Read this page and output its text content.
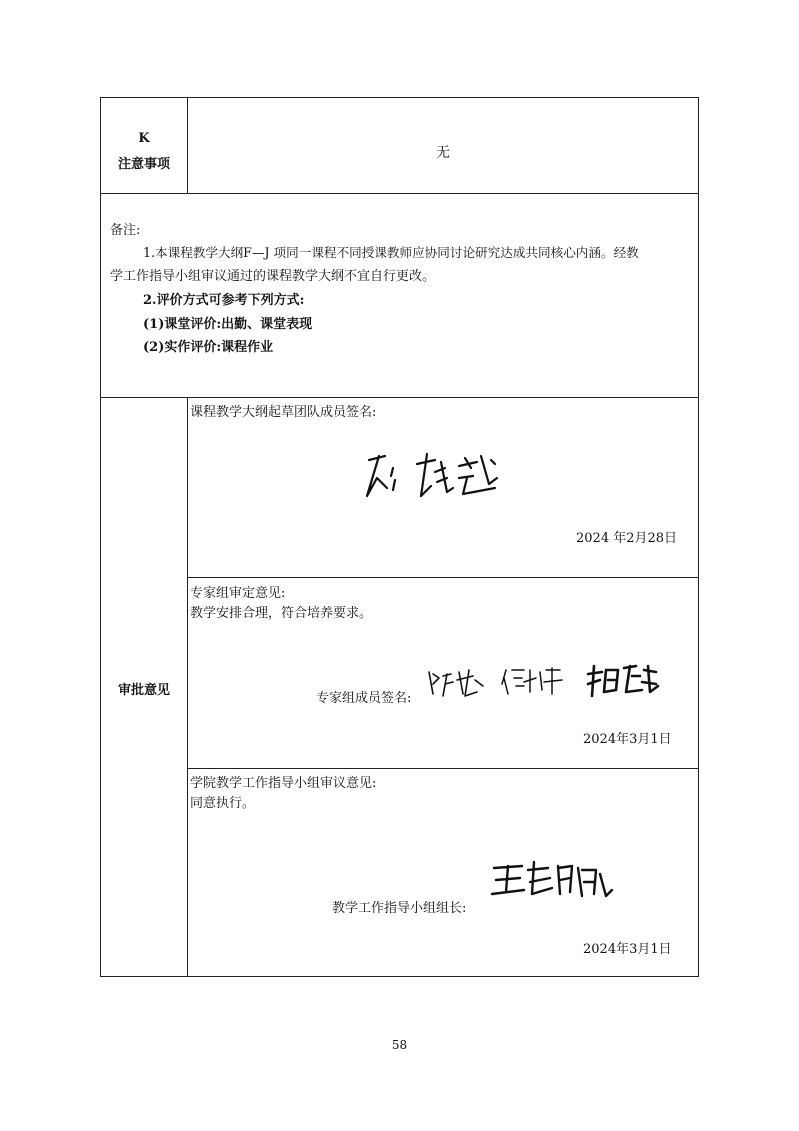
K
注意事项
无
备注:
1.本课程教学大纲F—J 项同一课程不同授课教师应协同讨论研究达成共同核心内涵。经教
学工作指导小组审议通过的课程教学大纲不宜自行更改。
2.评价方式可参考下列方式:
(1)课堂评价:出勤、课堂表现
(2)实作评价:课程作业
审批意见
课程教学大纲起草团队成员签名:
2024 年2月28日
专家组审定意见:
教学安排合理，符合培养要求。
专家组成员签名:
2024年3月1日
学院教学工作指导小组审议意见:
同意执行。
教学工作指导小组组长:
2024年3月1日
58
